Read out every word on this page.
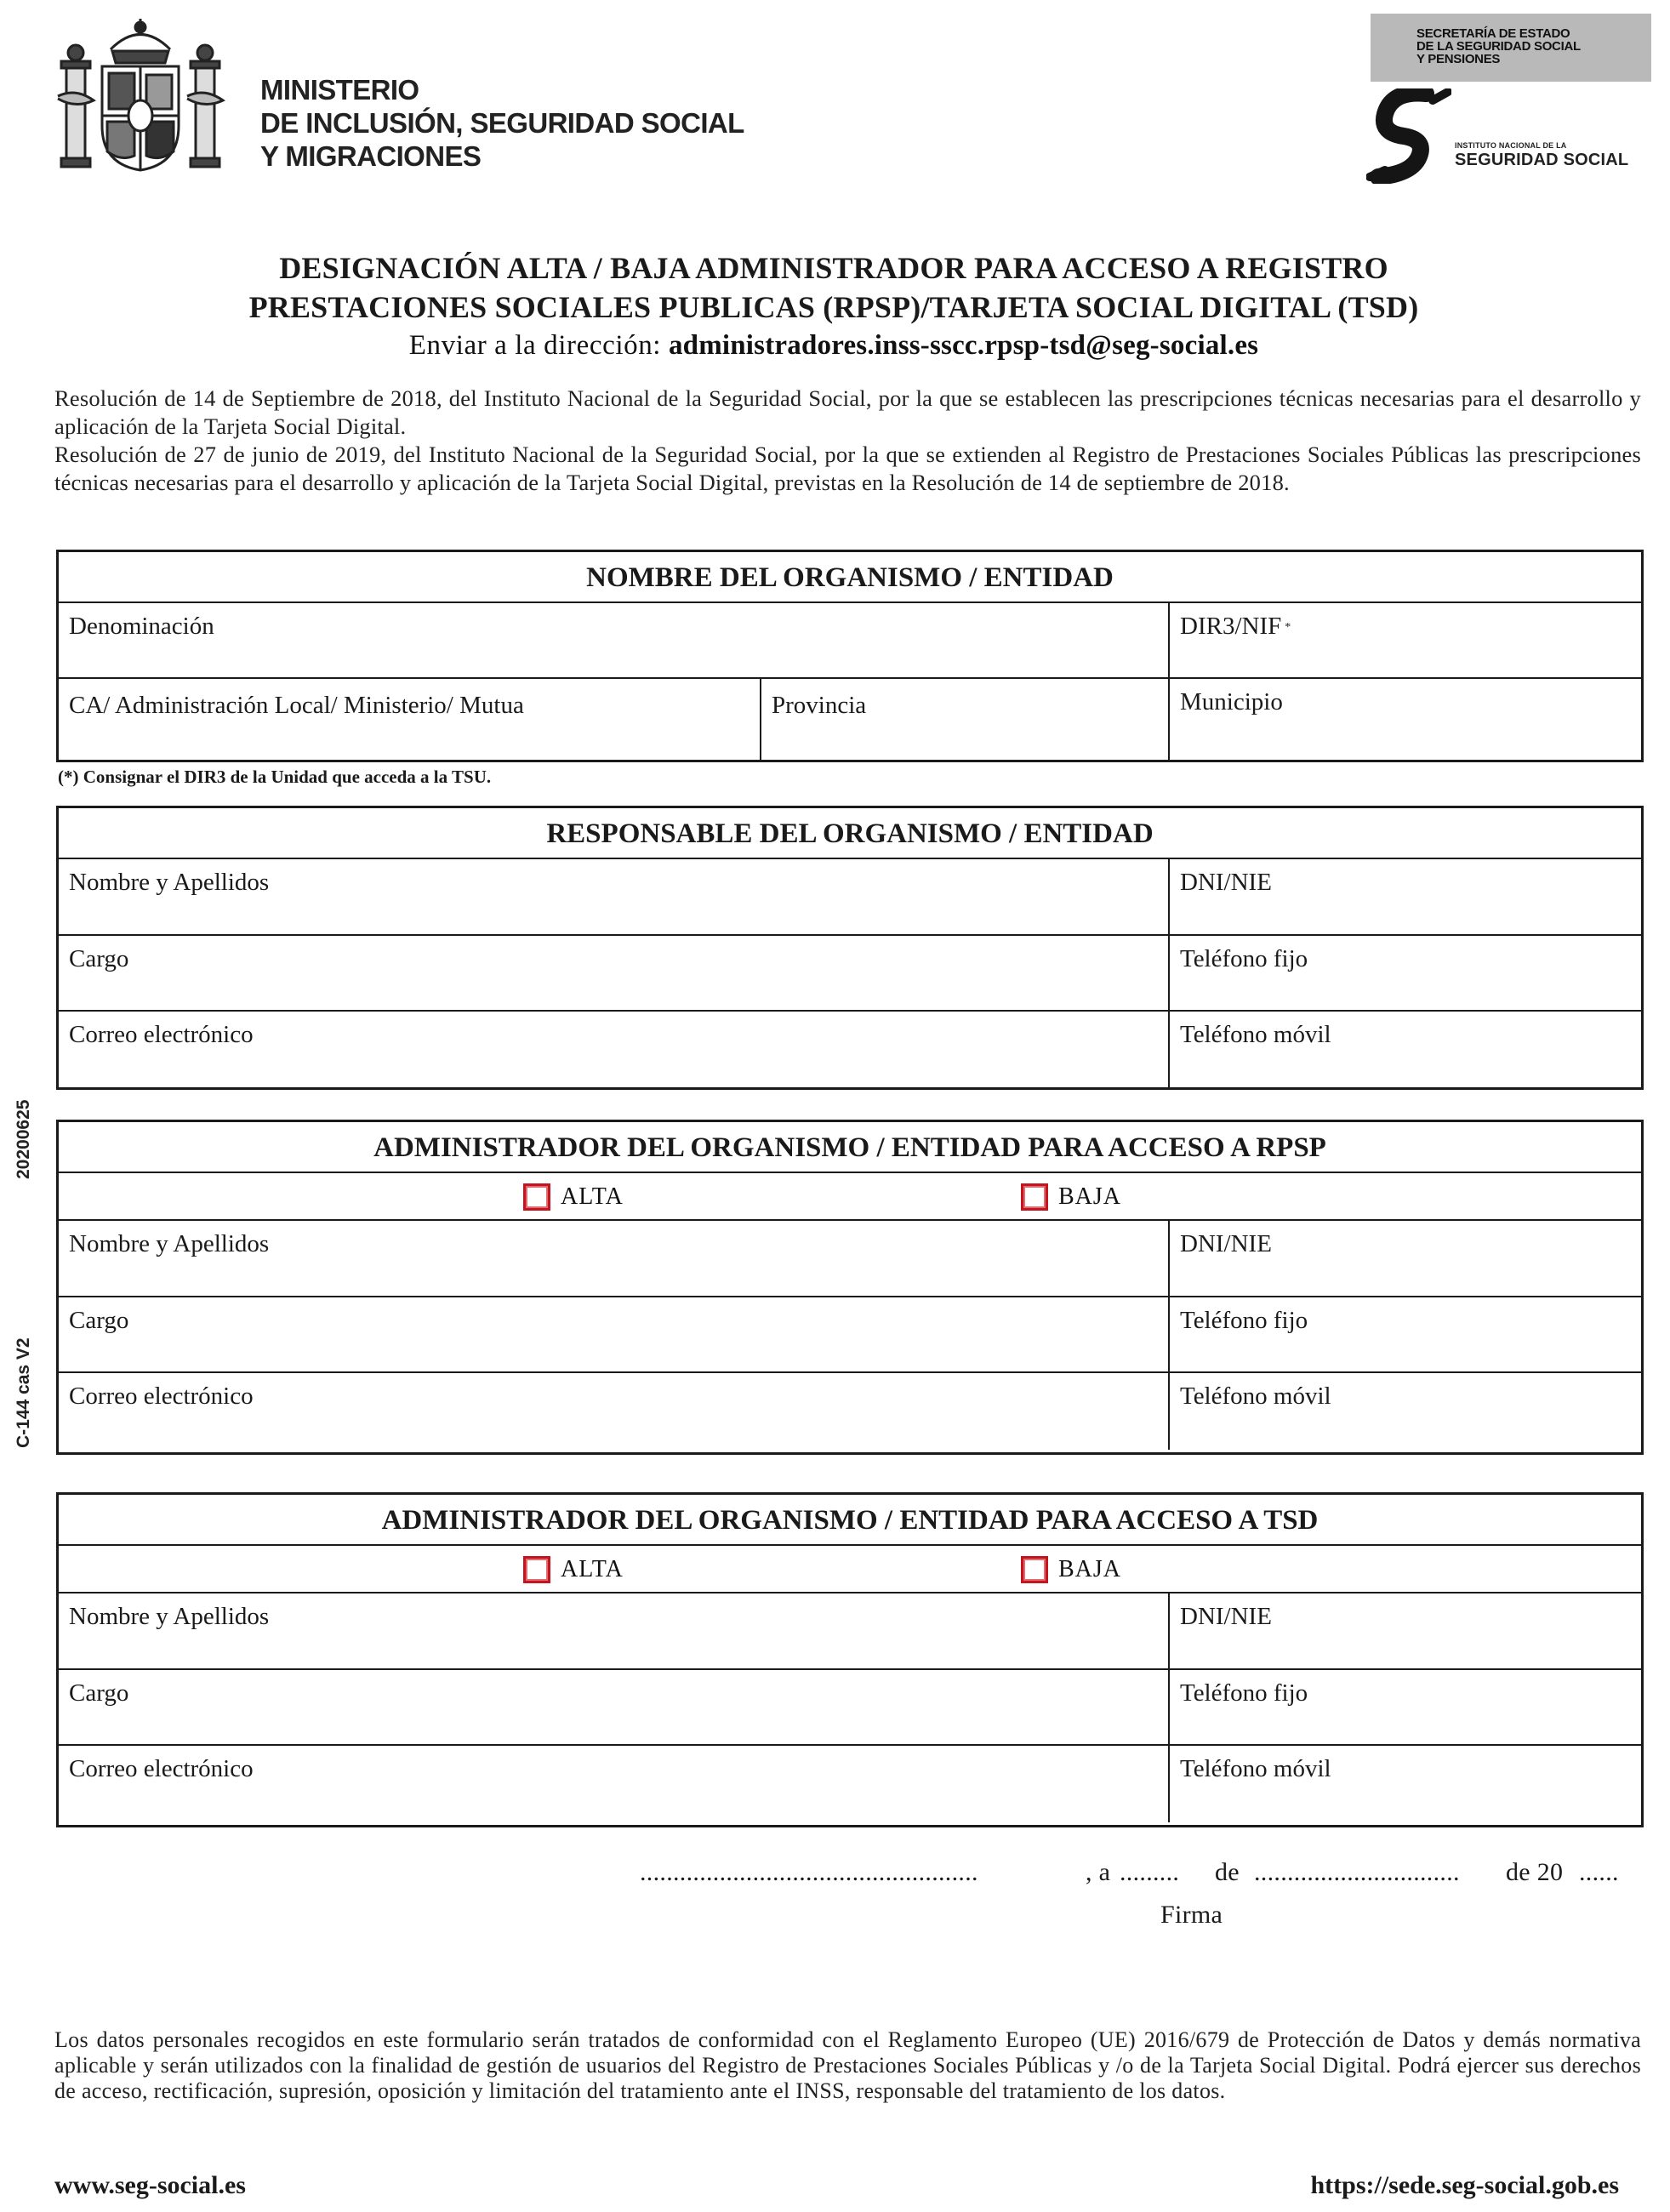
MINISTERIO
DE INCLUSIÓN, SEGURIDAD SOCIAL
Y MIGRACIONES
SECRETARÍA DE ESTADO
DE LA SEGURIDAD SOCIAL
Y PENSIONES
INSTITUTO NACIONAL DE LA
SEGURIDAD SOCIAL
DESIGNACIÓN ALTA / BAJA ADMINISTRADOR PARA ACCESO A REGISTRO
PRESTACIONES SOCIALES PUBLICAS (RPSP)/TARJETA SOCIAL DIGITAL (TSD)
Enviar a la dirección: administradores.inss-sscc.rpsp-tsd@seg-social.es
Resolución de 14 de Septiembre de 2018, del Instituto Nacional de la Seguridad Social, por la que se establecen las prescripciones técnicas necesarias para el desarrollo y aplicación de la Tarjeta Social Digital.
Resolución de 27 de junio de 2019, del Instituto Nacional de la Seguridad Social, por la que se extienden al Registro de Prestaciones Sociales Públicas las prescripciones técnicas necesarias para el desarrollo y aplicación de la Tarjeta Social Digital, previstas en la Resolución de 14 de septiembre de 2018.
NOMBRE DEL ORGANISMO / ENTIDAD
Denominación	DIR3/NIF *
CA/ Administración Local/ Ministerio/ Mutua	Provincia	Municipio
(*) Consignar el DIR3 de la Unidad que acceda a la TSU.
RESPONSABLE DEL ORGANISMO / ENTIDAD
Nombre y Apellidos	DNI/NIE
Cargo	Teléfono fijo
Correo electrónico	Teléfono móvil
ADMINISTRADOR DEL ORGANISMO / ENTIDAD PARA ACCESO A RPSP
ALTA	BAJA
Nombre y Apellidos	DNI/NIE
Cargo	Teléfono fijo
Correo electrónico	Teléfono móvil
ADMINISTRADOR DEL ORGANISMO / ENTIDAD PARA ACCESO A TSD
ALTA	BAJA
Nombre y Apellidos	DNI/NIE
Cargo	Teléfono fijo
Correo electrónico	Teléfono móvil
20200625
C-144 cas V2
...................................................	, a ......... de ............................... de 20 ......
Firma
Los datos personales recogidos en este formulario serán tratados de conformidad con el Reglamento Europeo (UE) 2016/679 de Protección de Datos y demás normativa aplicable y serán utilizados con la finalidad de gestión de usuarios del Registro de Prestaciones Sociales Públicas y /o de la Tarjeta Social Digital. Podrá ejercer sus derechos de acceso, rectificación, supresión, oposición y limitación del tratamiento ante el INSS, responsable del tratamiento de los datos.
www.seg-social.es	https://sede.seg-social.gob.es
